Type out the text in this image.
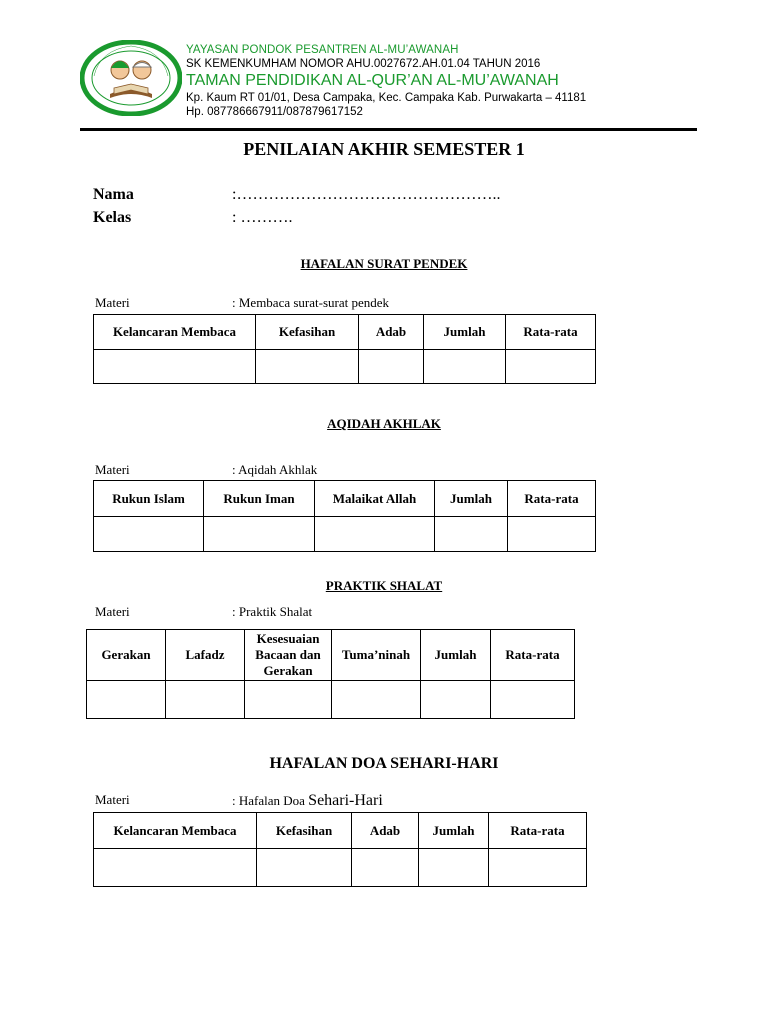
YAYASAN PONDOK PESANTREN AL-MU’AWANAH
SK KEMENKUMHAM NOMOR AHU.0027672.AH.01.04 TAHUN 2016
TAMAN PENDIDIKAN AL-QUR’AN AL-MU’AWANAH
Kp. Kaum RT 01/01, Desa Campaka, Kec. Campaka Kab. Purwakarta – 41181
Hp. 087786667911/087879617152
PENILAIAN AKHIR SEMESTER 1
Nama	:…………………………………………..
Kelas	: ……….
HAFALAN SURAT PENDEK
Materi	: Membaca surat-surat pendek
Kelancaran Membaca	Kefasihan	Adab	Jumlah	Rata-rata

AQIDAH AKHLAK
Materi	: Aqidah Akhlak
Rukun Islam	Rukun Iman	Malaikat Allah	Jumlah	Rata-rata

PRAKTIK SHALAT
Materi	: Praktik Shalat
Gerakan	Lafadz	Kesesuaian Bacaan dan Gerakan	Tuma’ninah	Jumlah	Rata-rata

HAFALAN DOA SEHARI-HARI
Materi	: Hafalan Doa Sehari-Hari
Kelancaran Membaca	Kefasihan	Adab	Jumlah	Rata-rata
